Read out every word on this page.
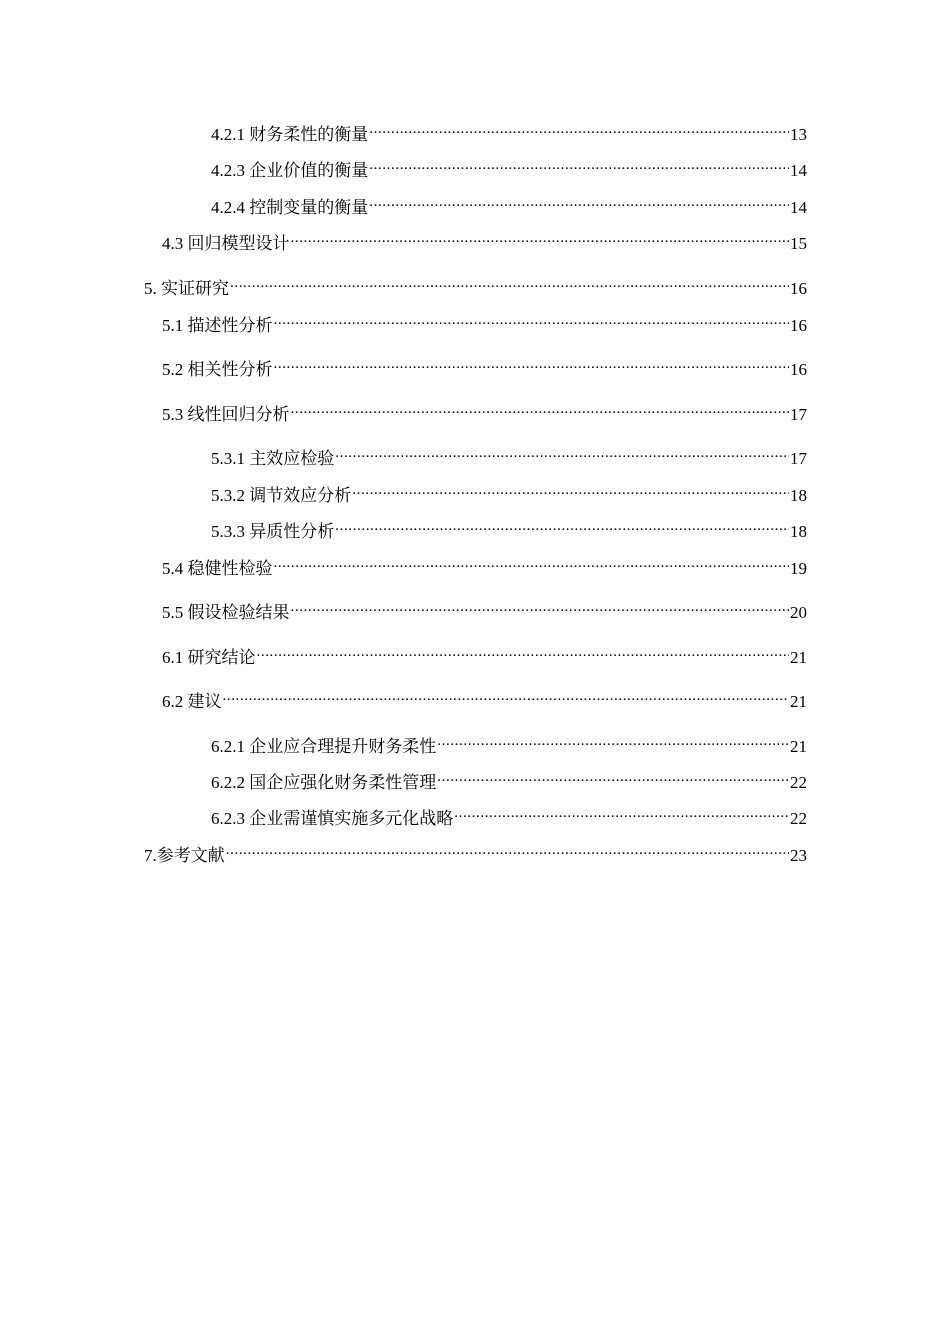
4.2.1 财务柔性的衡量 .....	13
4.2.3 企业价值的衡量 .....	14
4.2.4 控制变量的衡量 .....	14
4.3 回归模型设计 .....	15
5. 实证研究 .....	16
5.1 描述性分析 .....	16
5.2 相关性分析 .....	16
5.3 线性回归分析 .....	17
5.3.1 主效应检验 .....	17
5.3.2 调节效应分析 .....	18
5.3.3 异质性分析 .....	18
5.4 稳健性检验 .....	19
5.5 假设检验结果 .....	20
6.1 研究结论 .....	21
6.2 建议 .....	21
6.2.1 企业应合理提升财务柔性 .....	21
6.2.2 国企应强化财务柔性管理 .....	22
6.2.3 企业需谨慎实施多元化战略 .....	22
7.参考文献 .....	23
